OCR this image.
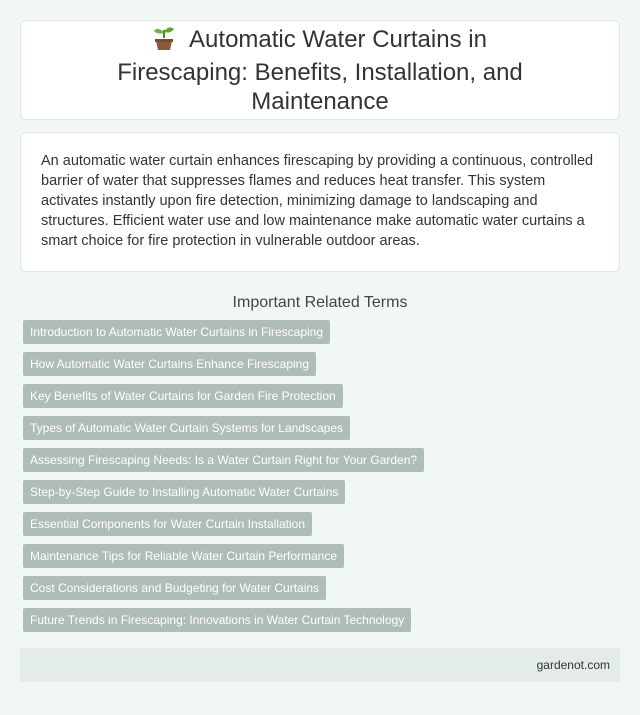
Automatic Water Curtains in Firescaping: Benefits, Installation, and Maintenance

An automatic water curtain enhances firescaping by providing a continuous, controlled barrier of water that suppresses flames and reduces heat transfer. This system activates instantly upon fire detection, minimizing damage to landscaping and structures. Efficient water use and low maintenance make automatic water curtains a smart choice for fire protection in vulnerable outdoor areas.

Important Related Terms
Introduction to Automatic Water Curtains in Firescaping
How Automatic Water Curtains Enhance Firescaping
Key Benefits of Water Curtains for Garden Fire Protection
Types of Automatic Water Curtain Systems for Landscapes
Assessing Firescaping Needs: Is a Water Curtain Right for Your Garden?
Step-by-Step Guide to Installing Automatic Water Curtains
Essential Components for Water Curtain Installation
Maintenance Tips for Reliable Water Curtain Performance
Cost Considerations and Budgeting for Water Curtains
Future Trends in Firescaping: Innovations in Water Curtain Technology
gardenot.com
